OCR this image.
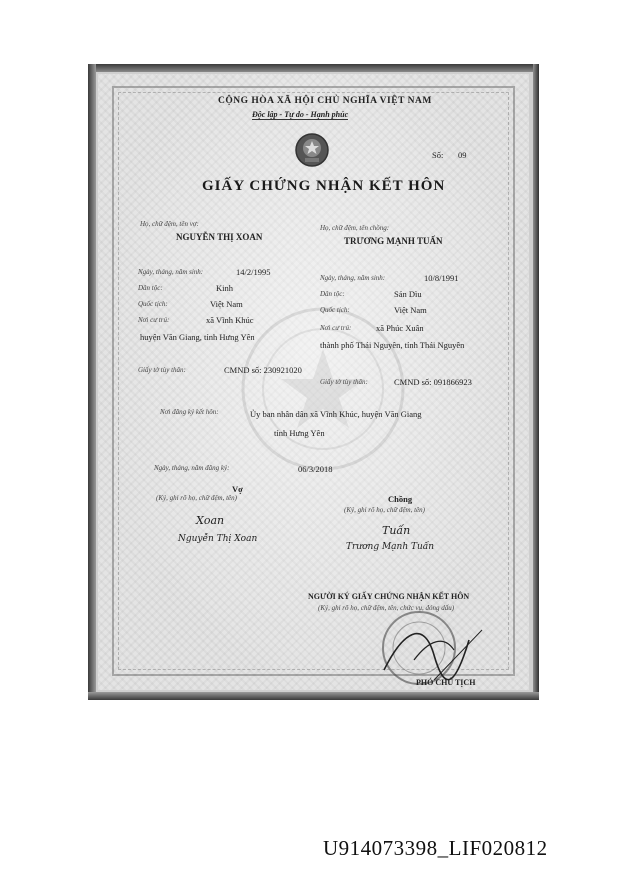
CỘNG HÒA XÃ HỘI CHỦ NGHĨA VIỆT NAM
Độc lập - Tự do - Hạnh phúc
Số: 09
GIẤY CHỨNG NHẬN KẾT HÔN
Họ, chữ đệm, tên vợ:
NGUYỄN THỊ XOAN
Ngày, tháng, năm sinh:	14/2/1995
Dân tộc:	Kinh
Quốc tịch:	Việt Nam
Nơi cư trú:	xã Vĩnh Khúc
huyện Văn Giang, tỉnh Hưng Yên
Giấy tờ tùy thân:	CMND số: 230921020
Họ, chữ đệm, tên chồng:
TRƯƠNG MẠNH TUẤN
Ngày, tháng, năm sinh:	10/8/1991
Dân tộc:	Sán Dìu
Quốc tịch:	Việt Nam
Nơi cư trú:	xã Phúc Xuân
thành phố Thái Nguyên, tỉnh Thái Nguyên
Giấy tờ tùy thân:	CMND số: 091866923
Nơi đăng ký kết hôn:	Ủy ban nhân dân xã Vĩnh Khúc, huyện Văn Giang
tỉnh Hưng Yên
Ngày, tháng, năm đăng ký:	06/3/2018
Vợ
(Ký, ghi rõ họ, chữ đệm, tên)
Xoan
Nguyễn Thị Xoan
Chồng
(Ký, ghi rõ họ, chữ đệm, tên)
Tuấn
Trương Mạnh Tuấn
NGƯỜI KÝ GIẤY CHỨNG NHẬN KẾT HÔN
(Ký, ghi rõ họ, chữ đệm, tên, chức vụ, đóng dấu)
PHÓ CHỦ TỊCH
U914073398_LIF020812
